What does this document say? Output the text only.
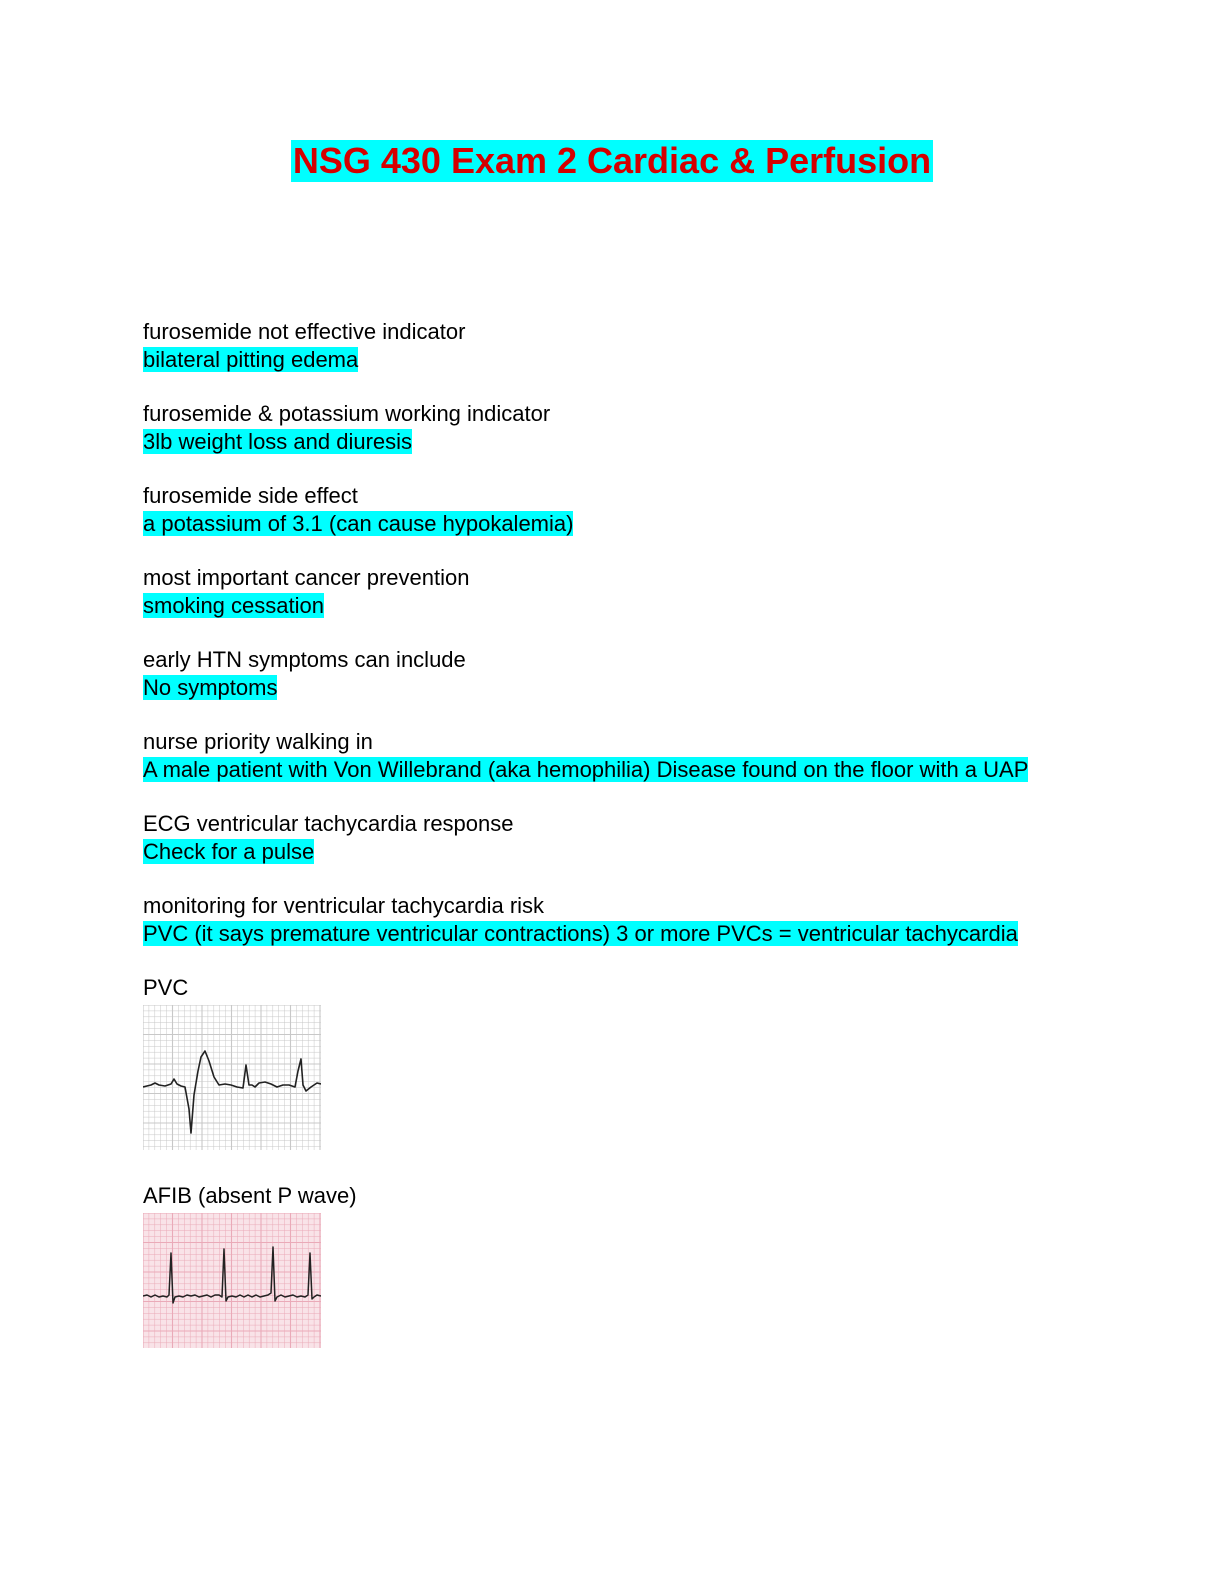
NSG 430 Exam 2 Cardiac & Perfusion

furosemide not effective indicator

bilateral pitting edema

furosemide & potassium working indicator

3lb weight loss and diuresis

furosemide side effect

a potassium of 3.1 (can cause hypokalemia)

most important cancer prevention

smoking cessation

early HTN symptoms can include

No symptoms

nurse priority walking in

A male patient with Von Willebrand (aka hemophilia) Disease found on the floor with a UAP

ECG ventricular tachycardia response

Check for a pulse

monitoring for ventricular tachycardia risk

PVC (it says premature ventricular contractions) 3 or more PVCs = ventricular tachycardia

PVC

AFIB (absent P wave)
